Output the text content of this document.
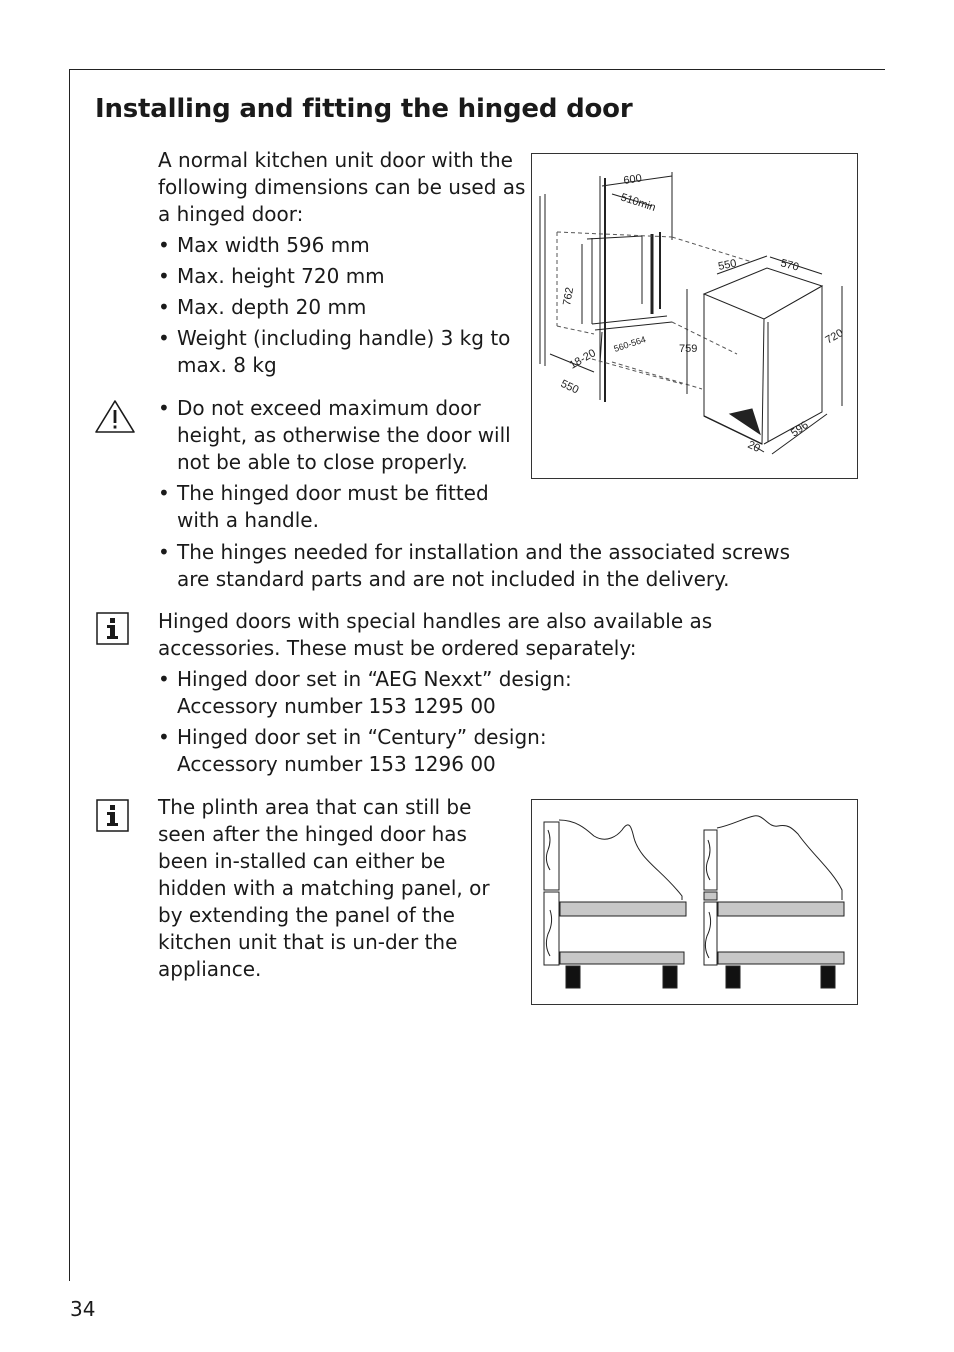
Installing and fitting the hinged door

A normal kitchen unit door with the following dimensions can be used as a hinged door:

• Max width 596 mm

• Max. height 720 mm

• Max. depth 20 mm

• Weight (including handle) 3 kg to max. 8 kg

• Do not exceed maximum door height, as otherwise the door will not be able to close properly.

• The hinged door must be fitted with a handle.

• The hinges needed for installation and the associated screws are standard parts and are not included in the delivery.

Hinged doors with special handles are also available as accessories. These must be ordered separately:

• Hinged door set in “AEG Nexxt” design:

Accessory number 153 1295 00

• Hinged door set in “Century” design:

Accessory number 153 1296 00

The plinth area that can still be seen after the hinged door has been in-stalled can either be hidden with a matching panel, or by extending the panel of the kitchen unit that is un-der the appliance.

600
510min
762
550
18-20
560-564
550	570
759
720
596
20
34
